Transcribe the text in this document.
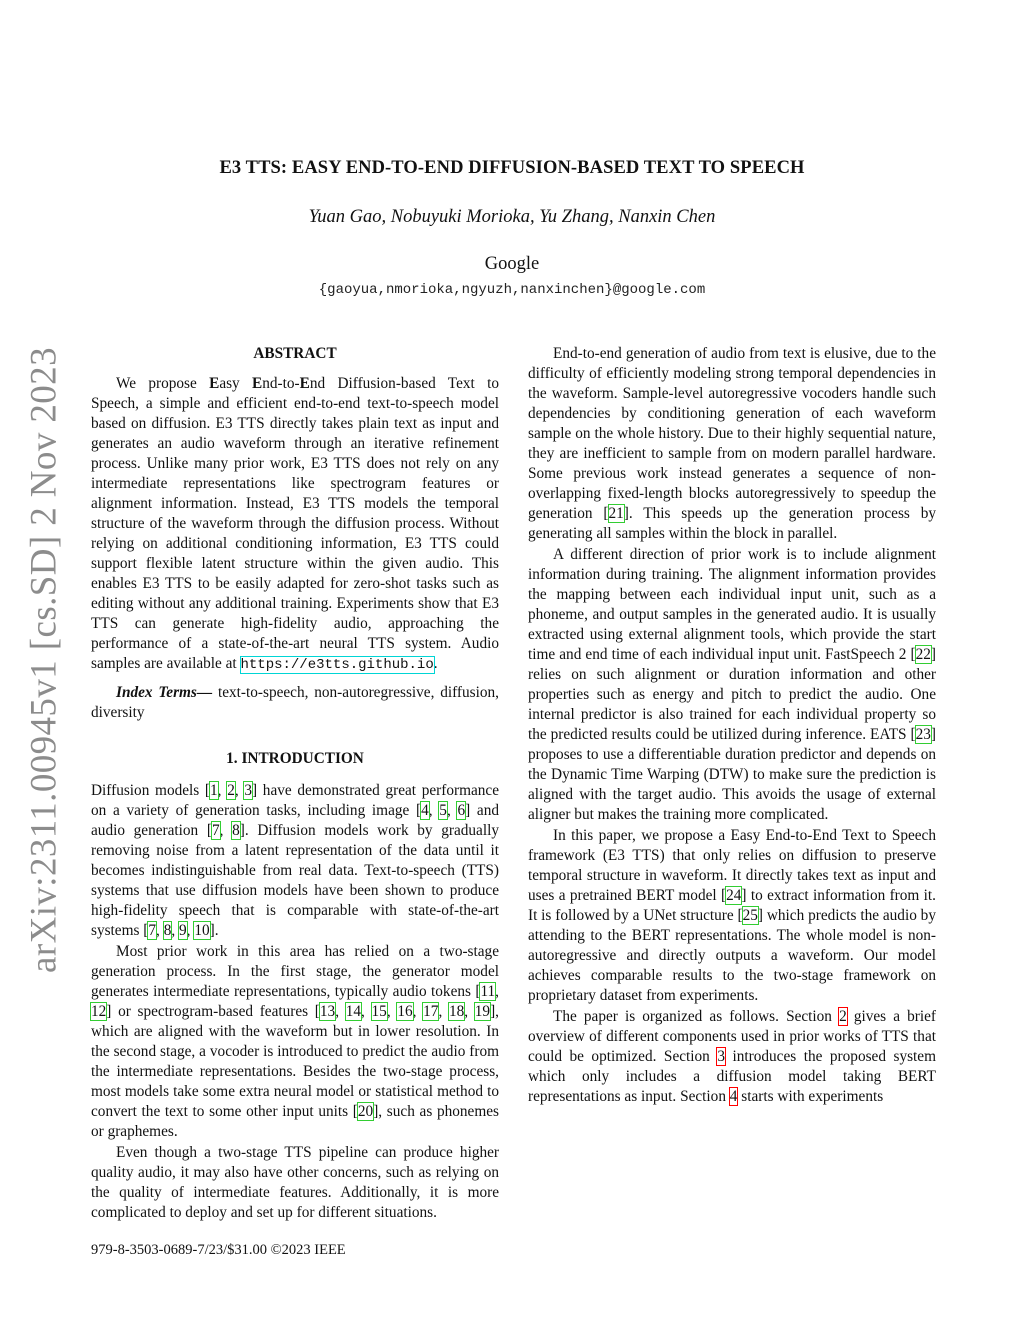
arXiv:2311.00945v1 [cs.SD] 2 Nov 2023
E3 TTS: EASY END-TO-END DIFFUSION-BASED TEXT TO SPEECH
Yuan Gao, Nobuyuki Morioka, Yu Zhang, Nanxin Chen
Google
{gaoyua,nmorioka,ngyuzh,nanxinchen}@google.com
ABSTRACT

We propose Easy End-to-End Diffusion-based Text to Speech, a simple and efficient end-to-end text-to-speech model based on diffusion. E3 TTS directly takes plain text as input and generates an audio waveform through an iterative refinement process. Unlike many prior work, E3 TTS does not rely on any intermediate representations like spectrogram features or alignment information. Instead, E3 TTS models the temporal structure of the waveform through the diffusion process. Without relying on additional conditioning information, E3 TTS could support flexible latent structure within the given audio. This enables E3 TTS to be easily adapted for zero-shot tasks such as editing without any additional training. Experiments show that E3 TTS can generate high-fidelity audio, approaching the performance of a state-of-the-art neural TTS system. Audio samples are available at https://e3tts.github.io.

Index Terms— text-to-speech, non-autoregressive, diffusion, diversity

1. INTRODUCTION

Diffusion models [1, 2, 3] have demonstrated great performance on a variety of generation tasks, including image [4, 5, 6] and audio generation [7, 8]. Diffusion models work by gradually removing noise from a latent representation of the data until it becomes indistinguishable from real data. Text-to-speech (TTS) systems that use diffusion models have been shown to produce high-fidelity speech that is comparable with state-of-the-art systems [7, 8, 9, 10].

Most prior work in this area has relied on a two-stage generation process. In the first stage, the generator model generates intermediate representations, typically audio tokens [11, 12] or spectrogram-based features [13, 14, 15, 16, 17, 18, 19], which are aligned with the waveform but in lower resolution. In the second stage, a vocoder is introduced to predict the audio from the intermediate representations. Besides the two-stage process, most models take some extra neural model or statistical method to convert the text to some other input units [20], such as phonemes or graphemes.

Even though a two-stage TTS pipeline can produce higher quality audio, it may also have other concerns, such as relying on the quality of intermediate features. Additionally, it is more complicated to deploy and set up for different situations.

End-to-end generation of audio from text is elusive, due to the difficulty of efficiently modeling strong temporal dependencies in the waveform. Sample-level autoregressive vocoders handle such dependencies by conditioning generation of each waveform sample on the whole history. Due to their highly sequential nature, they are inefficient to sample from on modern parallel hardware. Some previous work instead generates a sequence of non-overlapping fixed-length blocks autoregressively to speedup the generation [21]. This speeds up the generation process by generating all samples within the block in parallel.

A different direction of prior work is to include alignment information during training. The alignment information provides the mapping between each individual input unit, such as a phoneme, and output samples in the generated audio. It is usually extracted using external alignment tools, which provide the start time and end time of each individual input unit. FastSpeech 2 [22] relies on such alignment or duration information and other properties such as energy and pitch to predict the audio. One internal predictor is also trained for each individual property so the predicted results could be utilized during inference. EATS [23] proposes to use a differentiable duration predictor and depends on the Dynamic Time Warping (DTW) to make sure the prediction is aligned with the target audio. This avoids the usage of external aligner but makes the training more complicated.

In this paper, we propose a Easy End-to-End Text to Speech framework (E3 TTS) that only relies on diffusion to preserve temporal structure in waveform. It directly takes text as input and uses a pretrained BERT model [24] to extract information from it. It is followed by a UNet structure [25] which predicts the audio by attending to the BERT representations. The whole model is non-autoregressive and directly outputs a waveform. Our model achieves comparable results to the two-stage framework on proprietary dataset from experiments.

The paper is organized as follows. Section 2 gives a brief overview of different components used in prior works of TTS that could be optimized. Section 3 introduces the proposed system which only includes a diffusion model taking BERT representations as input. Section 4 starts with experiments

979-8-3503-0689-7/23/$31.00 ©2023 IEEE
